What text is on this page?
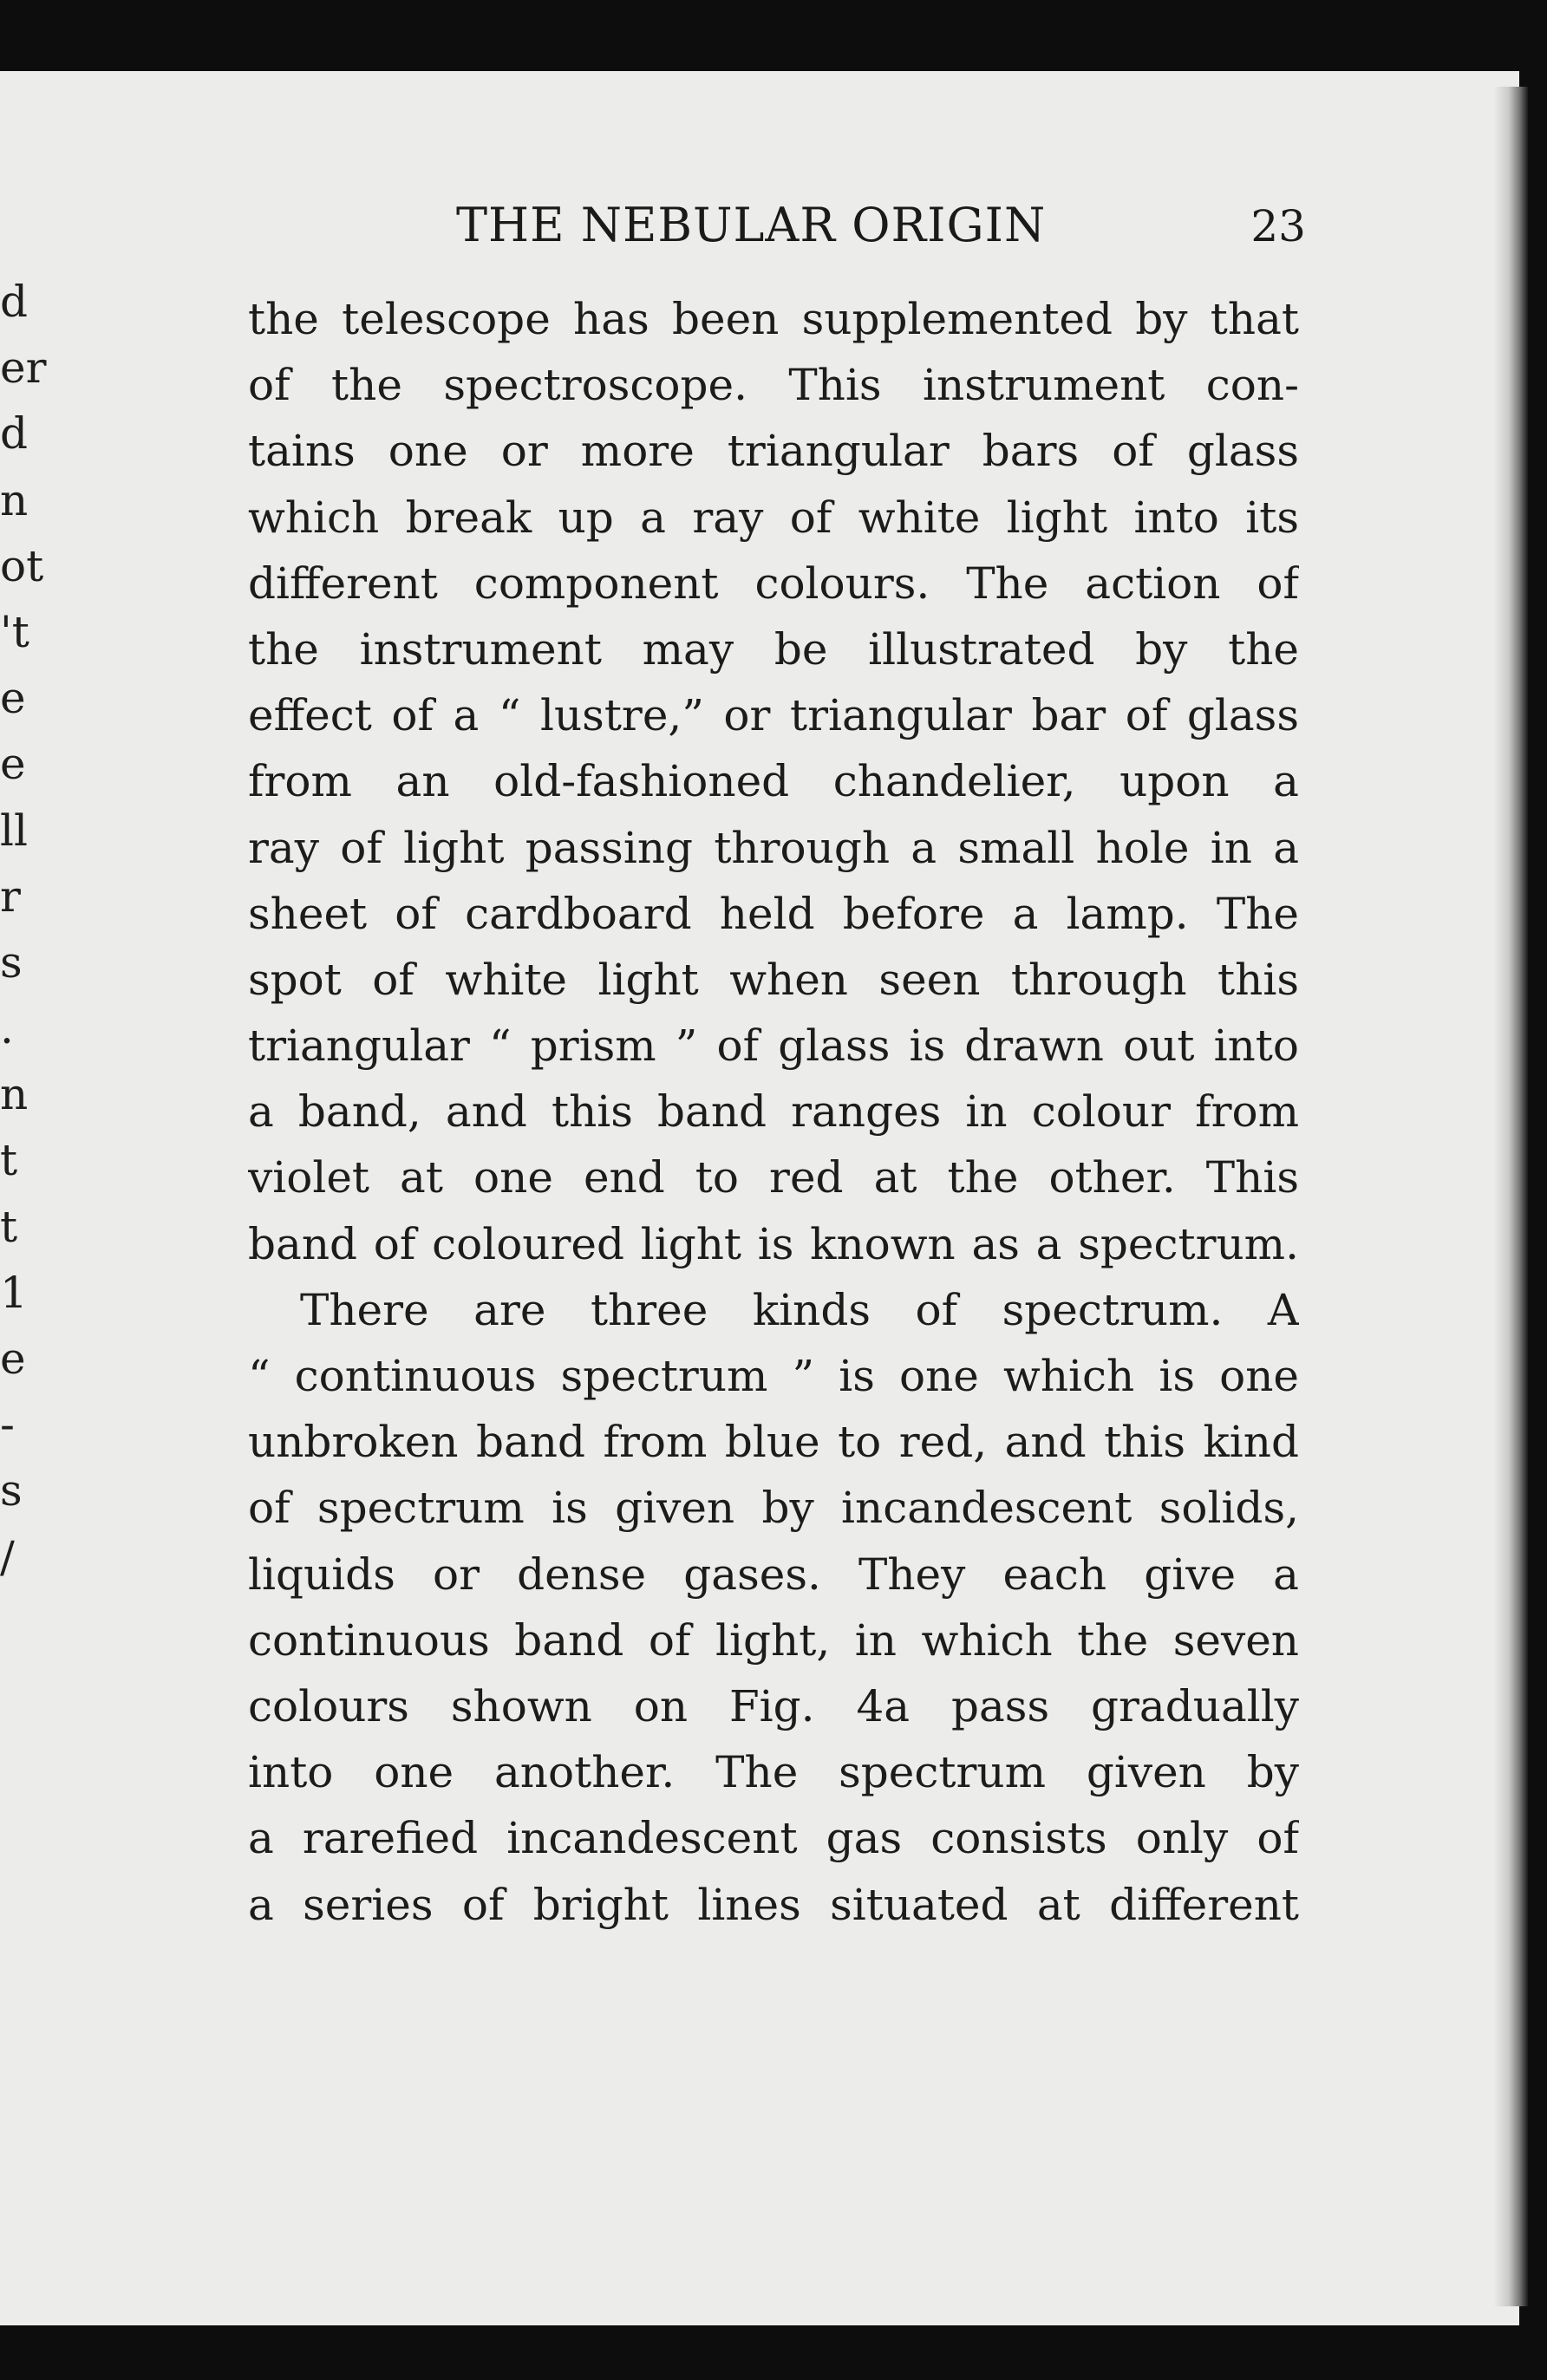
d
er
d
n
ot
't
e
e
ll
r
s
.
n
t
t
1
e
-
s
/
THE NEBULAR ORIGIN	23
the telescope has been supplemented by that
of the spectroscope. This instrument con-
tains one or more triangular bars of glass
which break up a ray of white light into its
different component colours. The action of
the instrument may be illustrated by the
effect of a “ lustre,” or triangular bar of glass
from an old-fashioned chandelier, upon a
ray of light passing through a small hole in a
sheet of cardboard held before a lamp. The
spot of white light when seen through this
triangular “ prism ” of glass is drawn out into
a band, and this band ranges in colour from
violet at one end to red at the other. This
band of coloured light is known as a spectrum.
There are three kinds of spectrum. A
“ continuous spectrum ” is one which is one
unbroken band from blue to red, and this kind
of spectrum is given by incandescent solids,
liquids or dense gases. They each give a
continuous band of light, in which the seven
colours shown on Fig. 4a pass gradually
into one another. The spectrum given by
a rarefied incandescent gas consists only of
a series of bright lines situated at different
